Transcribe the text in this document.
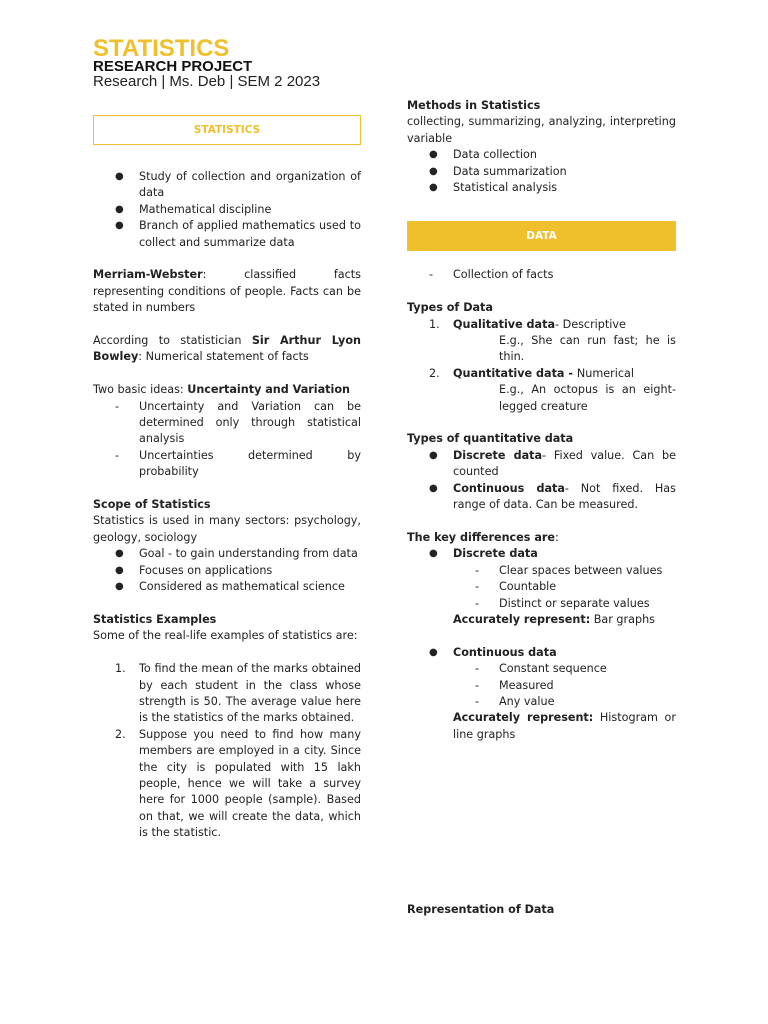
STATISTICS
RESEARCH PROJECT
Research | Ms. Deb | SEM 2 2023
STATISTICS
● Study of collection and organization of data
● Mathematical discipline
● Branch of applied mathematics used to collect and summarize data

Merriam-Webster: classified facts representing conditions of people. Facts can be stated in numbers

According to statistician Sir Arthur Lyon Bowley: Numerical statement of facts

Two basic ideas: Uncertainty and Variation

- Uncertainty and Variation can be determined only through statistical analysis
- Uncertainties determined by probability

Scope of Statistics

Statistics is used in many sectors: psychology, geology, sociology

● Goal - to gain understanding from data
● Focuses on applications
● Considered as mathematical science

Statistics Examples

Some of the real-life examples of statistics are:

1. To find the mean of the marks obtained by each student in the class whose strength is 50. The average value here is the statistics of the marks obtained.
2. Suppose you need to find how many members are employed in a city. Since the city is populated with 15 lakh people, hence we will take a survey here for 1000 people (sample). Based on that, we will create the data, which is the statistic.

Methods in Statistics

collecting, summarizing, analyzing, interpreting variable

● Data collection
● Data summarization
● Statistical analysis
DATA
- Collection of facts

Types of Data

1. Qualitative data- Descriptive

E.g., She can run fast; he is thin.

2. Quantitative data - Numerical

E.g., An octopus is an eight-legged creature

Types of quantitative data

● Discrete data- Fixed value. Can be counted
● Continuous data- Not fixed. Has range of data. Can be measured.

The key differences are:

● Discrete data
- Clear spaces between values
- Countable
- Distinct or separate values

Accurately represent: Bar graphs

● Continuous data
- Constant sequence
- Measured
- Any value

Accurately represent: Histogram or line graphs

Representation of Data
